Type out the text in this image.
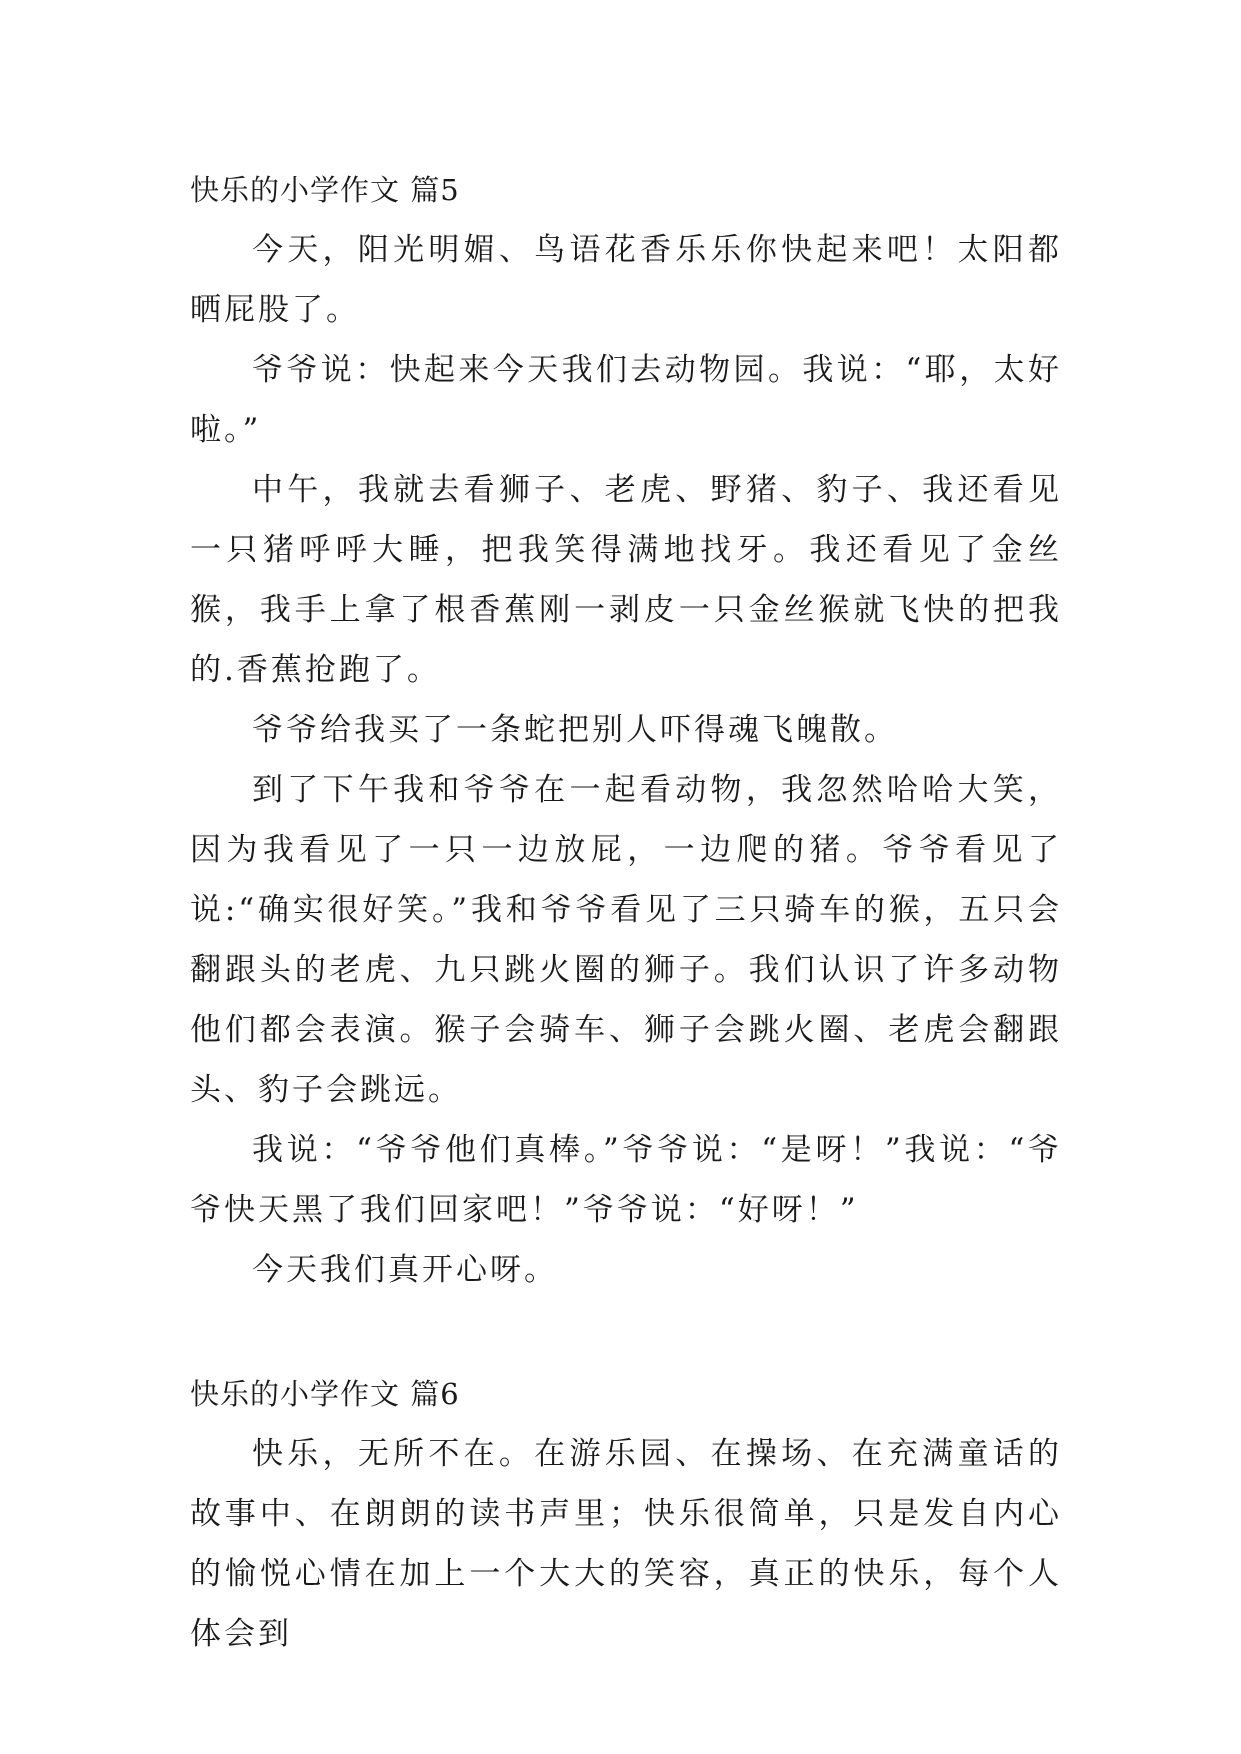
快乐的小学作文 篇5

今天，阳光明媚、鸟语花香乐乐你快起来吧！太阳都晒屁股了。

爷爷说：快起来今天我们去动物园。我说：“耶，太好啦。”

中午，我就去看狮子、老虎、野猪、豹子、我还看见一只猪呼呼大睡，把我笑得满地找牙。我还看见了金丝猴，我手上拿了根香蕉刚一剥皮一只金丝猴就飞快的把我的.香蕉抢跑了。

爷爷给我买了一条蛇把别人吓得魂飞魄散。

到了下午我和爷爷在一起看动物，我忽然哈哈大笑，因为我看见了一只一边放屁，一边爬的猪。爷爷看见了说:“确实很好笑。”我和爷爷看见了三只骑车的猴，五只会翻跟头的老虎、九只跳火圈的狮子。我们认识了许多动物他们都会表演。猴子会骑车、狮子会跳火圈、老虎会翻跟头、豹子会跳远。

我说：“爷爷他们真棒。”爷爷说：“是呀！”我说：“爷爷快天黑了我们回家吧！”爷爷说：“好呀！”

今天我们真开心呀。

快乐的小学作文 篇6

快乐，无所不在。在游乐园、在操场、在充满童话的故事中、在朗朗的读书声里；快乐很简单，只是发自内心的愉悦心情在加上一个大大的笑容，真正的快乐，每个人体会到
